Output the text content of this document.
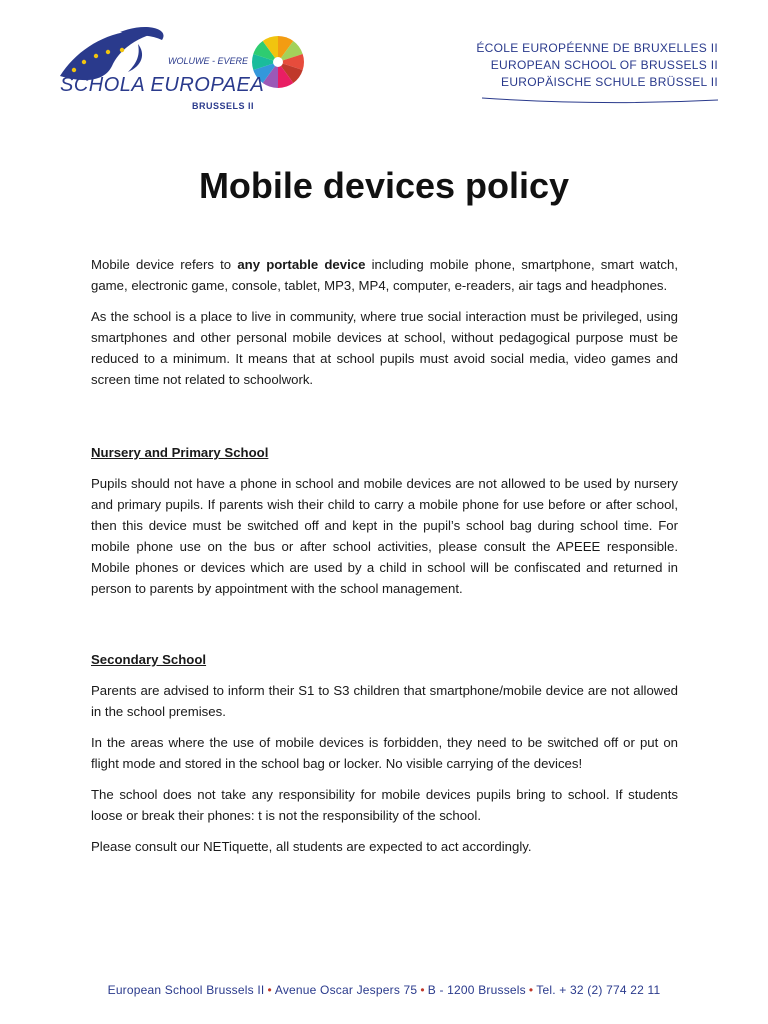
WOLUWE - EVERE
SCHOLA EUROPAEA
BRUSSELS II
ÉCOLE EUROPÉENNE DE BRUXELLES II
EUROPEAN SCHOOL OF BRUSSELS II
EUROPÄISCHE SCHULE BRÜSSEL II
Mobile devices policy

Mobile device refers to any portable device including mobile phone, smartphone, smart watch, game, electronic game, console, tablet, MP3, MP4, computer, e-readers, air tags and headphones.

As the school is a place to live in community, where true social interaction must be privileged, using smartphones and other personal mobile devices at school, without pedagogical purpose must be reduced to a minimum. It means that at school pupils must avoid social media, video games and screen time not related to schoolwork.

Nursery and Primary School

Pupils should not have a phone in school and mobile devices are not allowed to be used by nursery and primary pupils. If parents wish their child to carry a mobile phone for use before or after school, then this device must be switched off and kept in the pupil’s school bag during school time. For mobile phone use on the bus or after school activities, please consult the APEEE responsible. Mobile phones or devices which are used by a child in school will be confiscated and returned in person to parents by appointment with the school management.

Secondary School

Parents are advised to inform their S1 to S3 children that smartphone/mobile device are not allowed in the school premises.

In the areas where the use of mobile devices is forbidden, they need to be switched off or put on flight mode and stored in the school bag or locker. No visible carrying of the devices!

The school does not take any responsibility for mobile devices pupils bring to school. If students loose or break their phones: t is not the responsibility of the school.

Please consult our NETiquette, all students are expected to act accordingly.

European School Brussels II • Avenue Oscar Jespers 75 • B - 1200 Brussels • Tel. + 32 (2) 774 22 11
